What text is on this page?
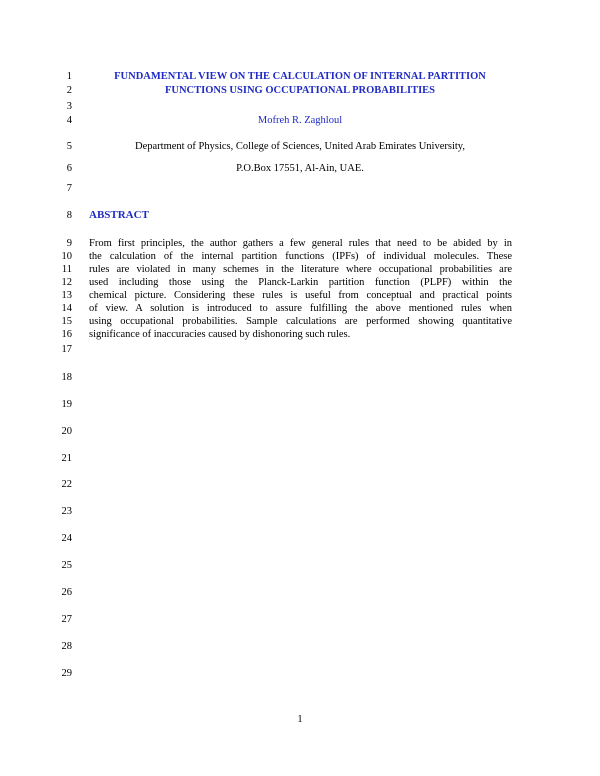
1
2
3
4
5
6
7
8
9
10
11
12
13
14
15
16
17
18
19
20
21
22
23
24
25
26
27
28
29
FUNDAMENTAL VIEW ON THE CALCULATION OF INTERNAL PARTITION
FUNCTIONS USING OCCUPATIONAL PROBABILITIES
Mofreh R. Zaghloul
Department of Physics, College of Sciences, United Arab Emirates University,
P.O.Box 17551, Al-Ain, UAE.
ABSTRACT
From first principles, the author gathers a few general rules that need to be abided by in
the calculation of the internal partition functions (IPFs) of individual molecules. These
rules are violated in many schemes in the literature where occupational probabilities are
used including those using the Planck-Larkin partition function (PLPF) within the
chemical picture. Considering these rules is useful from conceptual and practical points
of view. A solution is introduced to assure fulfilling the above mentioned rules when
using occupational probabilities. Sample calculations are performed showing quantitative
significance of inaccuracies caused by dishonoring such rules.
1
